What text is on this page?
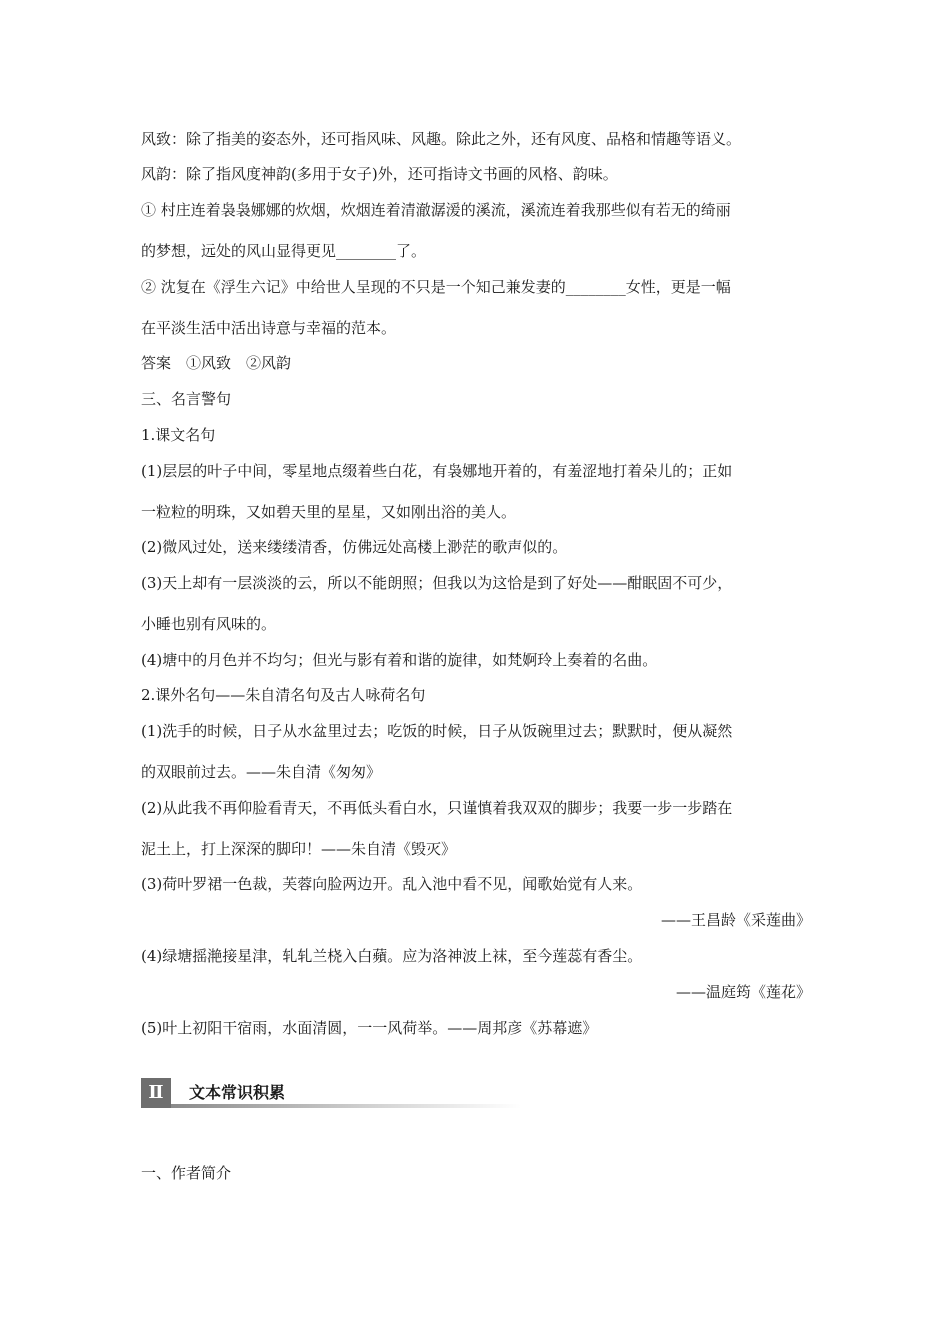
风致：除了指美的姿态外，还可指风味、风趣。除此之外，还有风度、品格和情趣等语义。
风韵：除了指风度神韵(多用于女子)外，还可指诗文书画的风格、韵味。
① 村庄连着袅袅娜娜的炊烟，炊烟连着清澈潺湲的溪流，溪流连着我那些似有若无的绮丽
的梦想，远处的风山显得更见________了。
② 沈复在《浮生六记》中给世人呈现的不只是一个知己兼发妻的________女性，更是一幅
在平淡生活中活出诗意与幸福的范本。
答案　①风致　②风韵
三、名言警句
1.课文名句
(1)层层的叶子中间，零星地点缀着些白花，有袅娜地开着的，有羞涩地打着朵儿的；正如
一粒粒的明珠，又如碧天里的星星，又如刚出浴的美人。
(2)微风过处，送来缕缕清香，仿佛远处高楼上渺茫的歌声似的。
(3)天上却有一层淡淡的云，所以不能朗照；但我以为这恰是到了好处——酣眠固不可少，
小睡也别有风味的。
(4)塘中的月色并不均匀；但光与影有着和谐的旋律，如梵婀玲上奏着的名曲。
2.课外名句——朱自清名句及古人咏荷名句
(1)洗手的时候，日子从水盆里过去；吃饭的时候，日子从饭碗里过去；默默时，便从凝然
的双眼前过去。——朱自清《匆匆》
(2)从此我不再仰脸看青天，不再低头看白水，只谨慎着我双双的脚步；我要一步一步踏在
泥土上，打上深深的脚印！——朱自清《毁灭》
(3)荷叶罗裙一色裁，芙蓉向脸两边开。乱入池中看不见，闻歌始觉有人来。
——王昌龄《采莲曲》
(4)绿塘摇滟接星津，轧轧兰桡入白蘋。应为洛神波上袜，至今莲蕊有香尘。
——温庭筠《莲花》
(5)叶上初阳干宿雨，水面清圆，一一风荷举。——周邦彦《苏幕遮》
Ⅱ	文本常识积累
一、作者简介
